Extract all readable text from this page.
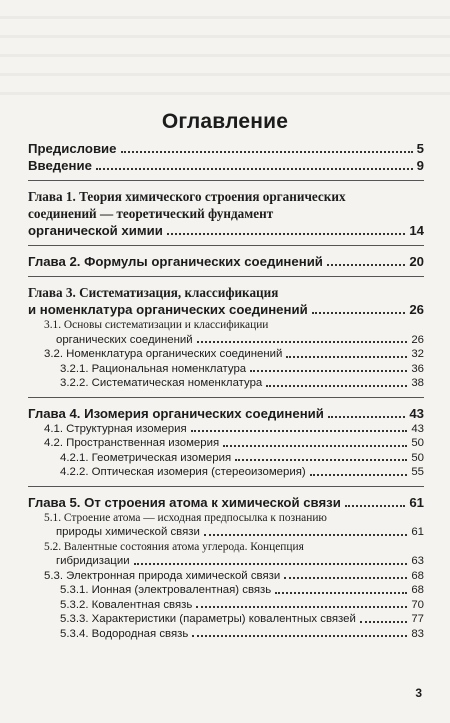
Оглавление
Предисловие	5
Введение	9
Глава 1. Теория химического строения органических
соединений — теоретический фундамент
органической химии	14
Глава 2. Формулы органических соединений	20
Глава 3. Систематизация, классификация
и номенклатура органических соединений	26
3.1. Основы систематизации и классификации
органических соединений	26
3.2. Номенклатура органических соединений	32
3.2.1. Рациональная номенклатура	36
3.2.2. Систематическая номенклатура	38
Глава 4. Изомерия органических соединений	43
4.1. Структурная изомерия	43
4.2. Пространственная изомерия	50
4.2.1. Геометрическая изомерия	50
4.2.2. Оптическая изомерия (стереоизомерия)	55
Глава 5. От строения атома к химической связи	61
5.1. Строение атома — исходная предпосылка к познанию
природы химической связи	61
5.2. Валентные состояния атома углерода. Концепция
гибридизации	63
5.3. Электронная природа химической связи	68
5.3.1. Ионная (электровалентная) связь	68
5.3.2. Ковалентная связь	70
5.3.3. Характеристики (параметры) ковалентных связей	77
5.3.4. Водородная связь	83
3
